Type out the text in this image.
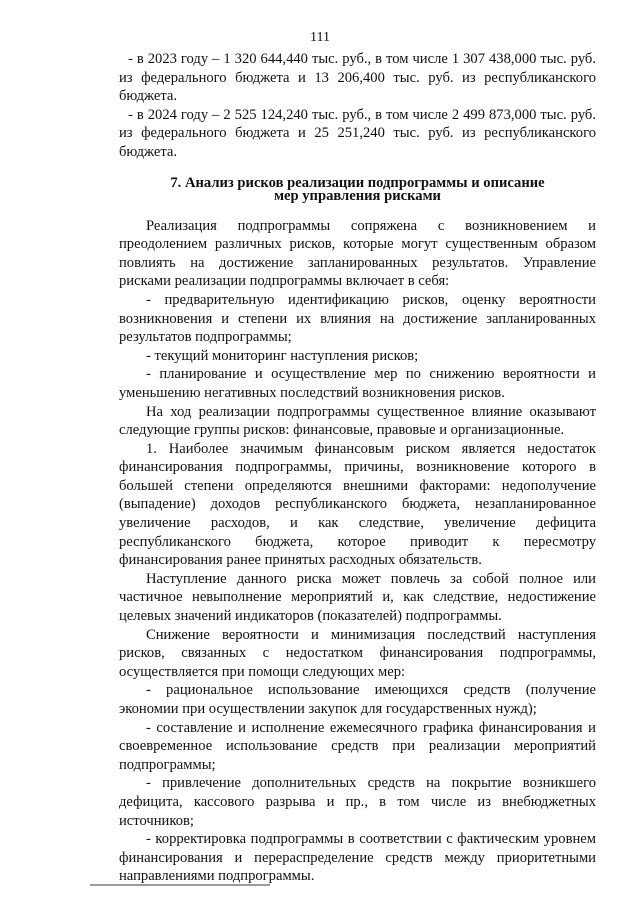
111

- в 2023 году – 1 320 644,440 тыс. руб., в том числе 1 307 438,000 тыс. руб. из федерального бюджета и 13 206,400 тыс. руб. из республиканского бюджета.

- в 2024 году – 2 525 124,240 тыс. руб., в том числе 2 499 873,000 тыс. руб. из федерального бюджета и 25 251,240 тыс. руб. из республиканского бюджета.

7. Анализ рисков реализации подпрограммы и описание
мер управления рисками

Реализация подпрограммы сопряжена с возникновением и преодолением различных рисков, которые могут существенным образом повлиять на достижение запланированных результатов. Управление рисками реализации подпрограммы включает в себя:

- предварительную идентификацию рисков, оценку вероятности возникновения и степени их влияния на достижение запланированных результатов подпрограммы;

- текущий мониторинг наступления рисков;

- планирование и осуществление мер по снижению вероятности и уменьшению негативных последствий возникновения рисков.

На ход реализации подпрограммы существенное влияние оказывают следующие группы рисков: финансовые, правовые и организационные.

1. Наиболее значимым финансовым риском является недостаток финансирования подпрограммы, причины, возникновение которого в большей степени определяются внешними факторами: недополучение (выпадение) доходов республиканского бюджета, незапланированное увеличение расходов, и как следствие, увеличение дефицита республиканского бюджета, которое приводит к пересмотру финансирования ранее принятых расходных обязательств.

Наступление данного риска может повлечь за собой полное или частичное невыполнение мероприятий и, как следствие, недостижение целевых значений индикаторов (показателей) подпрограммы.

Снижение вероятности и минимизация последствий наступления рисков, связанных с недостатком финансирования подпрограммы, осуществляется при помощи следующих мер:

- рациональное использование имеющихся средств (получение экономии при осуществлении закупок для государственных нужд);

- составление и исполнение ежемесячного графика финансирования и своевременное использование средств при реализации мероприятий подпрограммы;

- привлечение дополнительных средств на покрытие возникшего дефицита, кассового разрыва и пр., в том числе из внебюджетных источников;

- корректировка подпрограммы в соответствии с фактическим уровнем финансирования и перераспределение средств между приоритетными направлениями подпрограммы.
